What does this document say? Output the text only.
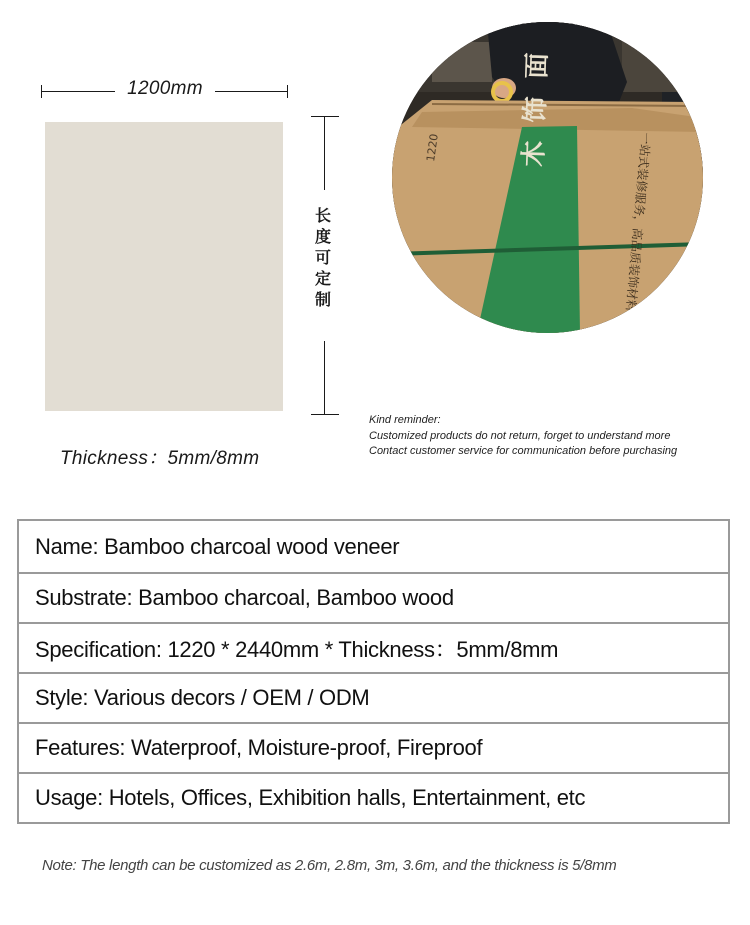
1200mm
长度可定制
Thickness：5mm/8mm
1220	木饰面
一站式装修服务，高品质装饰材料
Kind reminder:
Customized products do not return, forget to understand more
Contact customer service for communication before purchasing
Name: Bamboo charcoal wood veneer
Substrate: Bamboo charcoal, Bamboo wood
Specification: 1220 * 2440mm * Thickness：5mm/8mm
Style: Various decors / OEM / ODM
Features: Waterproof, Moisture-proof, Fireproof
Usage: Hotels, Offices, Exhibition halls, Entertainment, etc
Note: The length can be customized as 2.6m, 2.8m, 3m, 3.6m, and the thickness is 5/8mm
